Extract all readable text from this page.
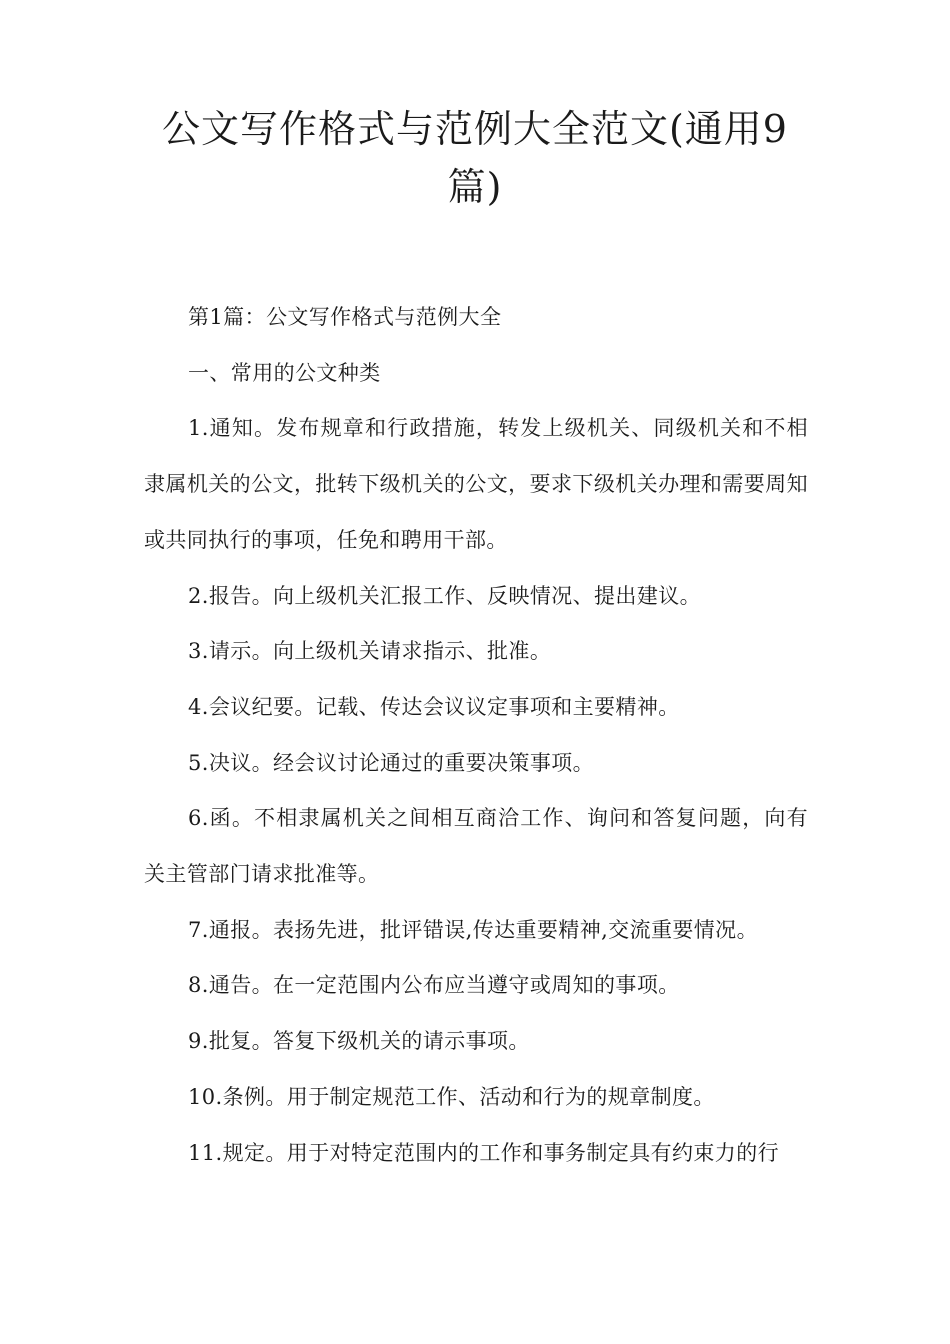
公文写作格式与范例大全范文(通用9篇)

第1篇：公文写作格式与范例大全

一、常用的公文种类

1.通知。发布规章和行政措施，转发上级机关、同级机关和不相隶属机关的公文，批转下级机关的公文，要求下级机关办理和需要周知或共同执行的事项，任免和聘用干部。

2.报告。向上级机关汇报工作、反映情况、提出建议。

3.请示。向上级机关请求指示、批准。

4.会议纪要。记载、传达会议议定事项和主要精神。

5.决议。经会议讨论通过的重要决策事项。

6.函。不相隶属机关之间相互商洽工作、询问和答复问题，向有关主管部门请求批准等。

7.通报。表扬先进，批评错误,传达重要精神,交流重要情况。

8.通告。在一定范围内公布应当遵守或周知的事项。

9.批复。答复下级机关的请示事项。

10.条例。用于制定规范工作、活动和行为的规章制度。

11.规定。用于对特定范围内的工作和事务制定具有约束力的行
